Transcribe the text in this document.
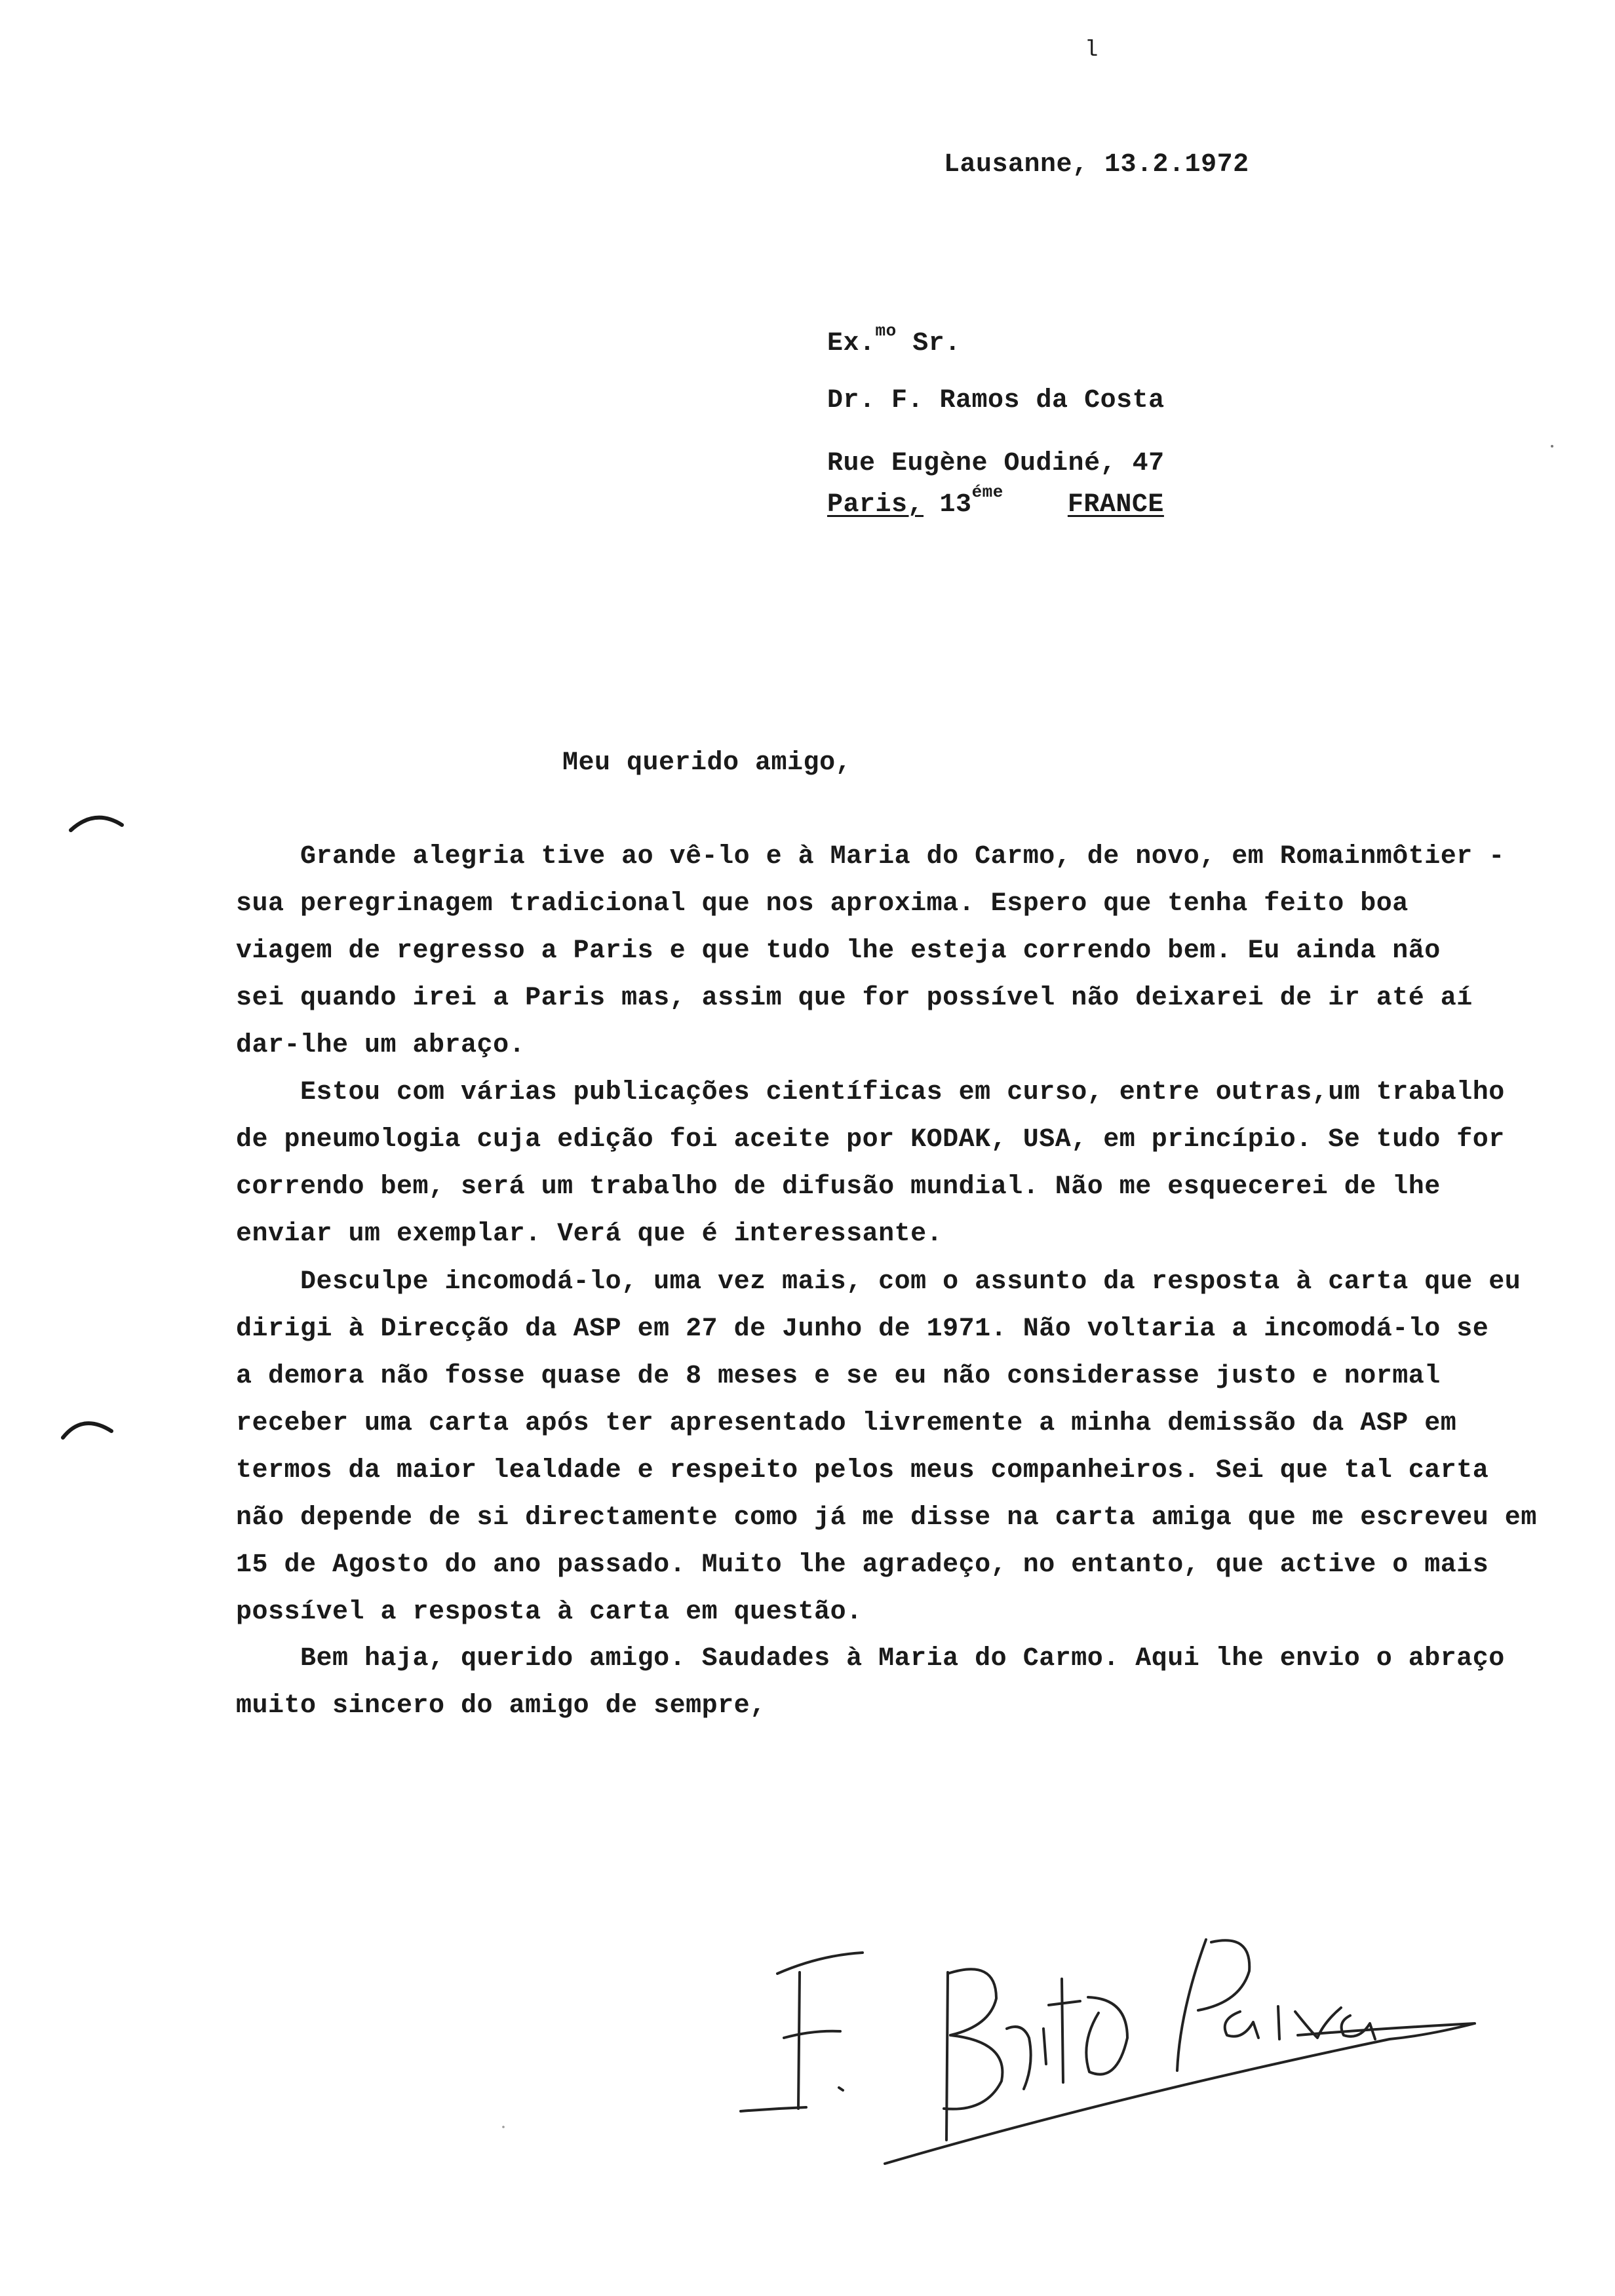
l
Lausanne, 13.2.1972
Ex.$^{mo}$ Sr.
Dr. F. Ramos da Costa
Rue Eugène Oudiné, 47
Paris, $13^{éme}$ FRANCE
Meu querido amigo,
Grande alegria tive ao vê-lo e à Maria do Carmo, de novo, em Romainmôtier -
sua peregrinagem tradicional que nos aproxima. Espero que tenha feito boa
viagem de regresso a Paris e que tudo lhe esteja correndo bem. Eu ainda não
sei quando irei a Paris mas, assim que for possível não deixarei de ir até aí
dar-lhe um abraço.
Estou com várias publicações científicas em curso, entre outras,um trabalho
de pneumologia cuja edição foi aceite por KODAK, USA, em princípio. Se tudo for
correndo bem, será um trabalho de difusão mundial. Não me esquecerei de lhe
enviar um exemplar. Verá que é interessante.
Desculpe incomodá-lo, uma vez mais, com o assunto da resposta à carta que eu
dirigi à Direcção da ASP em 27 de Junho de 1971. Não voltaria a incomodá-lo se
a demora não fosse quase de 8 meses e se eu não considerasse justo e normal
receber uma carta após ter apresentado livremente a minha demissão da ASP em
termos da maior lealdade e respeito pelos meus companheiros. Sei que tal carta
não depende de si directamente como já me disse na carta amiga que me escreveu em
15 de Agosto do ano passado. Muito lhe agradeço, no entanto, que active o mais
possível a resposta à carta em questão.
Bem haja, querido amigo. Saudades à Maria do Carmo. Aqui lhe envio o abraço
muito sincero do amigo de sempre,
